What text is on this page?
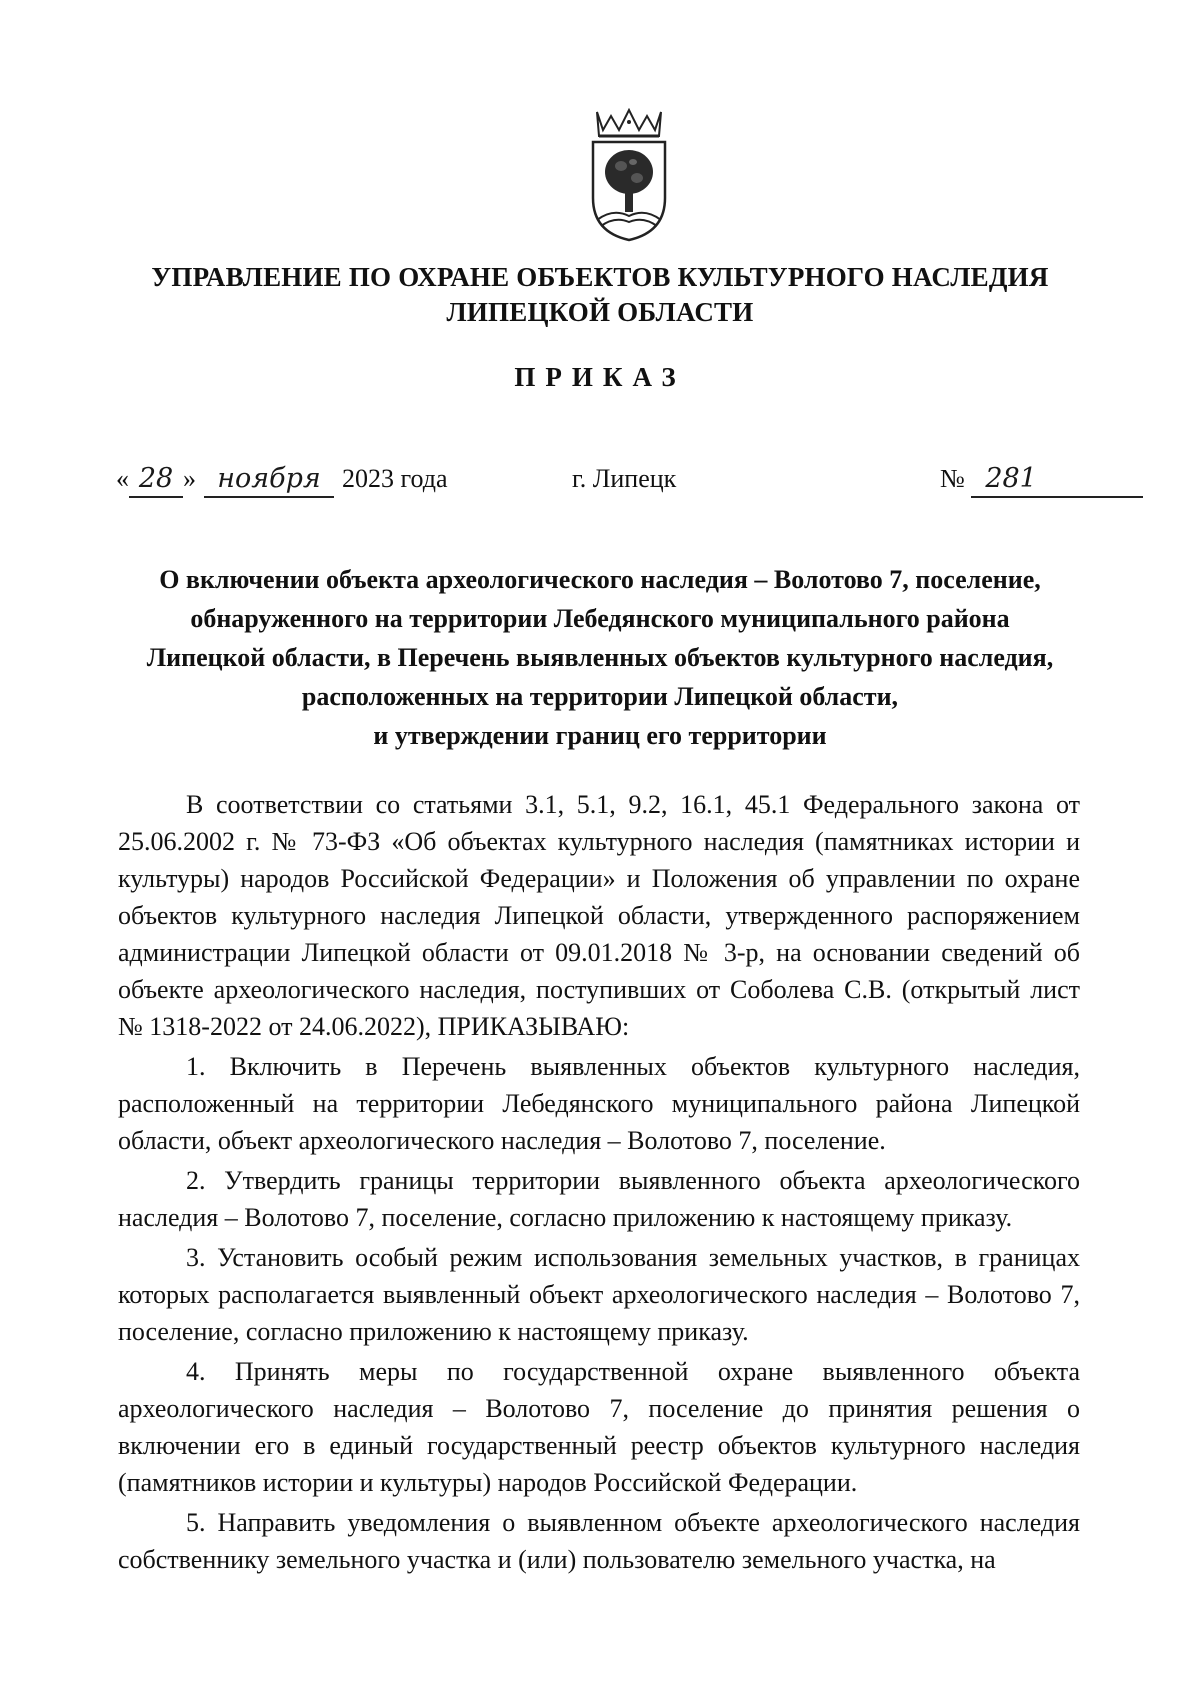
УПРАВЛЕНИЕ ПО ОХРАНЕ ОБЪЕКТОВ КУЛЬТУРНОГО НАСЛЕДИЯ
ЛИПЕЦКОЙ ОБЛАСТИ
ПРИКАЗ
« 28 » ноября 2023 года	г. Липецк	№ 281
О включении объекта археологического наследия – Волотово 7, поселение,
обнаруженного на территории Лебедянского муниципального района
Липецкой области, в Перечень выявленных объектов культурного наследия,
расположенных на территории Липецкой области,
и утверждении границ его территории

В соответствии со статьями 3.1, 5.1, 9.2, 16.1, 45.1 Федерального закона от 25.06.2002 г. № 73-ФЗ «Об объектах культурного наследия (памятниках истории и культуры) народов Российской Федерации» и Положения об управлении по охране объектов культурного наследия Липецкой области, утвержденного распоряжением администрации Липецкой области от 09.01.2018 № 3-р, на основании сведений об объекте археологического наследия, поступивших от Соболева С.В. (открытый лист № 1318-2022 от 24.06.2022), ПРИКАЗЫВАЮ:

1. Включить в Перечень выявленных объектов культурного наследия, расположенный на территории Лебедянского муниципального района Липецкой области, объект археологического наследия – Волотово 7, поселение.

2. Утвердить границы территории выявленного объекта археологического наследия – Волотово 7, поселение, согласно приложению к настоящему приказу.

3. Установить особый режим использования земельных участков, в границах которых располагается выявленный объект археологического наследия – Волотово 7, поселение, согласно приложению к настоящему приказу.

4. Принять меры по государственной охране выявленного объекта археологического наследия – Волотово 7, поселение до принятия решения о включении его в единый государственный реестр объектов культурного наследия (памятников истории и культуры) народов Российской Федерации.

5. Направить уведомления о выявленном объекте археологического наследия собственнику земельного участка и (или) пользователю земельного участка, на
